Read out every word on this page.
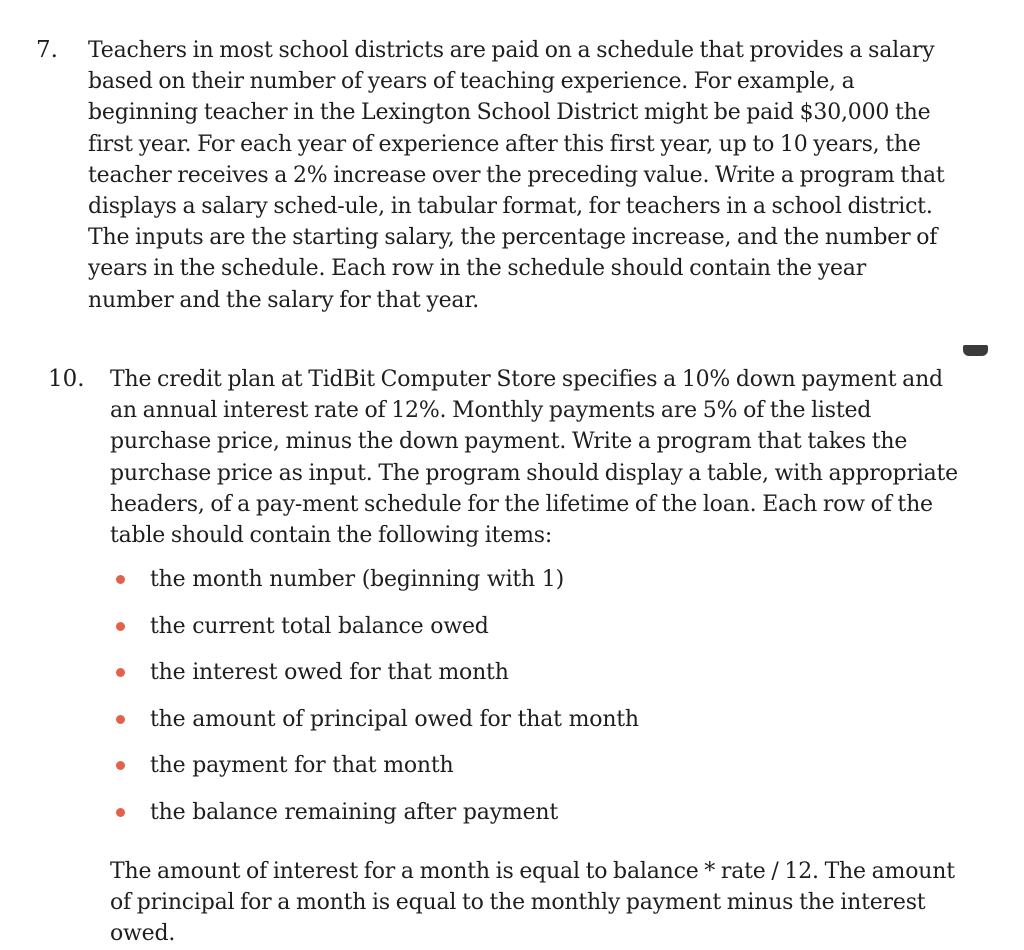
7. Teachers in most school districts are paid on a schedule that provides a salary based on their number of years of teaching experience. For example, a beginning teacher in the Lexington School District might be paid $30,000 the first year. For each year of experience after this first year, up to 10 years, the teacher receives a 2% increase over the preceding value. Write a program that displays a salary sched-ule, in tabular format, for teachers in a school district. The inputs are the starting salary, the percentage increase, and the number of years in the schedule. Each row in the schedule should contain the year number and the salary for that year.
10. The credit plan at TidBit Computer Store specifies a 10% down payment and an annual interest rate of 12%. Monthly payments are 5% of the listed purchase price, minus the down payment. Write a program that takes the purchase price as input. The program should display a table, with appropriate headers, of a pay-ment schedule for the lifetime of the loan. Each row of the table should contain the following items:
the month number (beginning with 1)
the current total balance owed
the interest owed for that month
the amount of principal owed for that month
the payment for that month
the balance remaining after payment
The amount of interest for a month is equal to balance * rate / 12. The amount of principal for a month is equal to the monthly payment minus the interest owed.
